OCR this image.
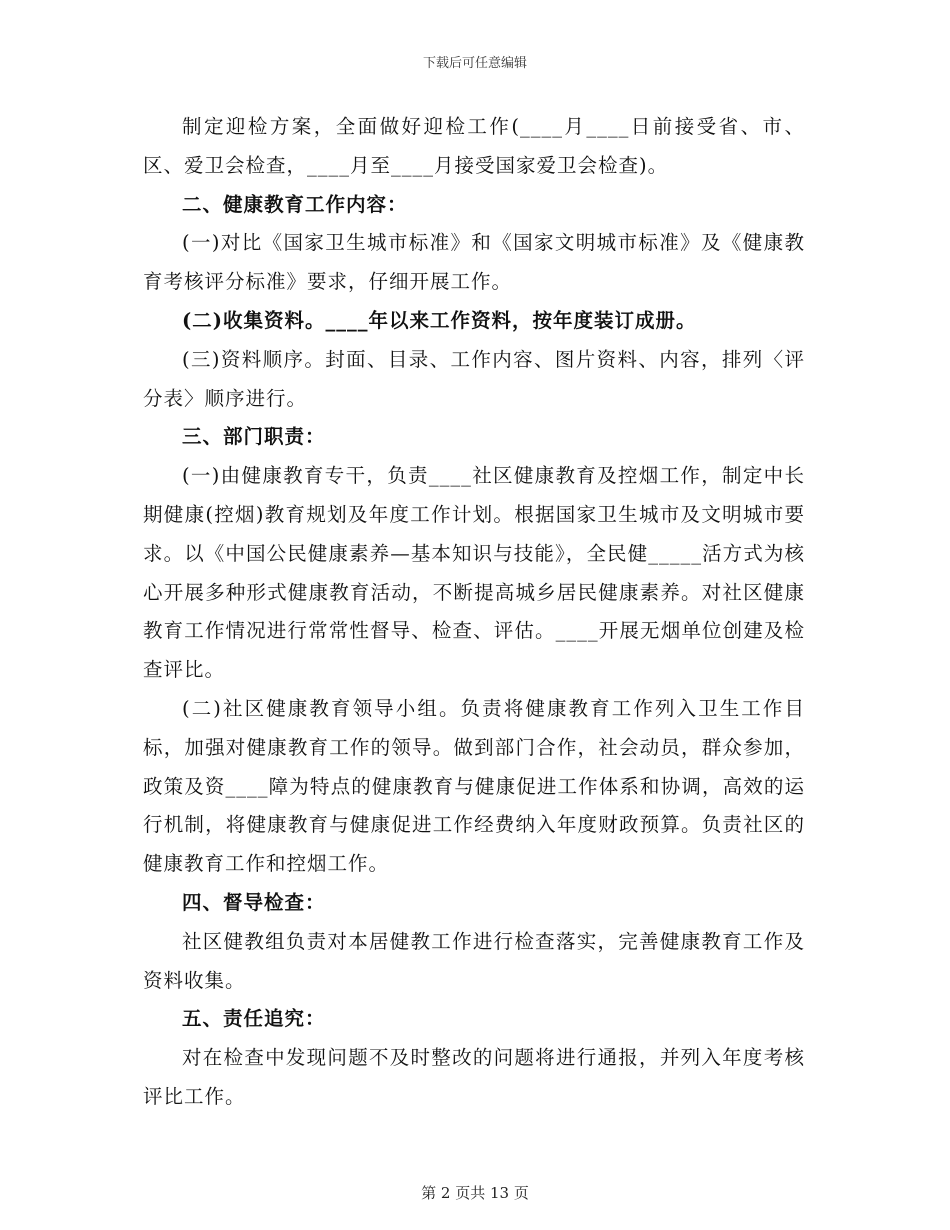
下载后可任意编辑

制定迎检方案，全面做好迎检工作(____月____日前接受省、市、区、爱卫会检查，____月至____月接受国家爱卫会检查)。

二、健康教育工作内容：

(一)对比《国家卫生城市标准》和《国家文明城市标准》及《健康教育考核评分标准》要求，仔细开展工作。

(二)收集资料。____年以来工作资料，按年度装订成册。

(三)资料顺序。封面、目录、工作内容、图片资料、内容，排列〈评分表〉顺序进行。

三、部门职责：

(一)由健康教育专干，负责____社区健康教育及控烟工作，制定中长期健康(控烟)教育规划及年度工作计划。根据国家卫生城市及文明城市要求。以《中国公民健康素养—基本知识与技能》，全民健_____活方式为核心开展多种形式健康教育活动，不断提高城乡居民健康素养。对社区健康教育工作情况进行常常性督导、检查、评估。____开展无烟单位创建及检查评比。

(二)社区健康教育领导小组。负责将健康教育工作列入卫生工作目标，加强对健康教育工作的领导。做到部门合作，社会动员，群众参加，政策及资____障为特点的健康教育与健康促进工作体系和协调，高效的运行机制，将健康教育与健康促进工作经费纳入年度财政预算。负责社区的健康教育工作和控烟工作。

四、督导检查：

社区健教组负责对本居健教工作进行检查落实，完善健康教育工作及资料收集。

五、责任追究：

对在检查中发现问题不及时整改的问题将进行通报，并列入年度考核评比工作。

第 2 页共 13 页
